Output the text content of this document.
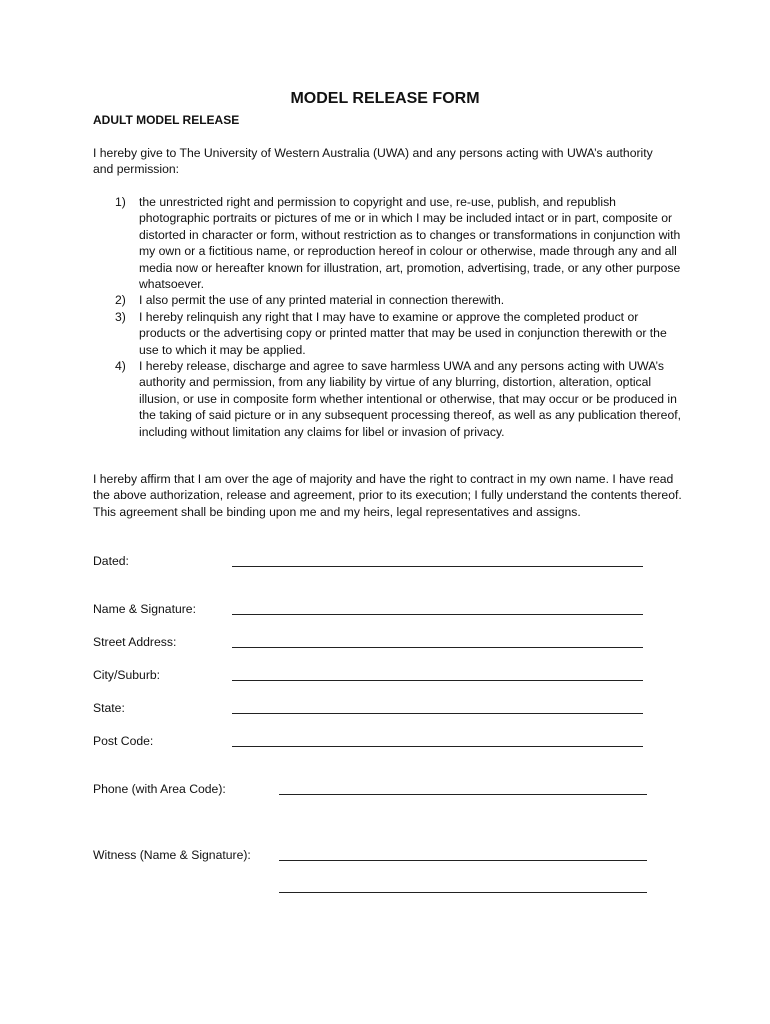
MODEL RELEASE FORM
ADULT MODEL RELEASE
I hereby give to The University of Western Australia (UWA) and any persons acting with UWA’s authority and permission:
1) the unrestricted right and permission to copyright and use, re-use, publish, and republish photographic portraits or pictures of me or in which I may be included intact or in part, composite or distorted in character or form, without restriction as to changes or transformations in conjunction with my own or a fictitious name, or reproduction hereof in colour or otherwise, made through any and all media now or hereafter known for illustration, art, promotion, advertising, trade, or any other purpose whatsoever.
2) I also permit the use of any printed material in connection therewith.
3) I hereby relinquish any right that I may have to examine or approve the completed product or products or the advertising copy or printed matter that may be used in conjunction therewith or the use to which it may be applied.
4) I hereby release, discharge and agree to save harmless UWA and any persons acting with UWA’s authority and permission, from any liability by virtue of any blurring, distortion, alteration, optical illusion, or use in composite form whether intentional or otherwise, that may occur or be produced in the taking of said picture or in any subsequent processing thereof, as well as any publication thereof, including without limitation any claims for libel or invasion of privacy.
I hereby affirm that I am over the age of majority and have the right to contract in my own name. I have read the above authorization, release and agreement, prior to its execution; I fully understand the contents thereof. This agreement shall be binding upon me and my heirs, legal representatives and assigns.
Dated:
Name & Signature:
Street Address:
City/Suburb:
State:
Post Code:
Phone (with Area Code):
Witness (Name & Signature):
